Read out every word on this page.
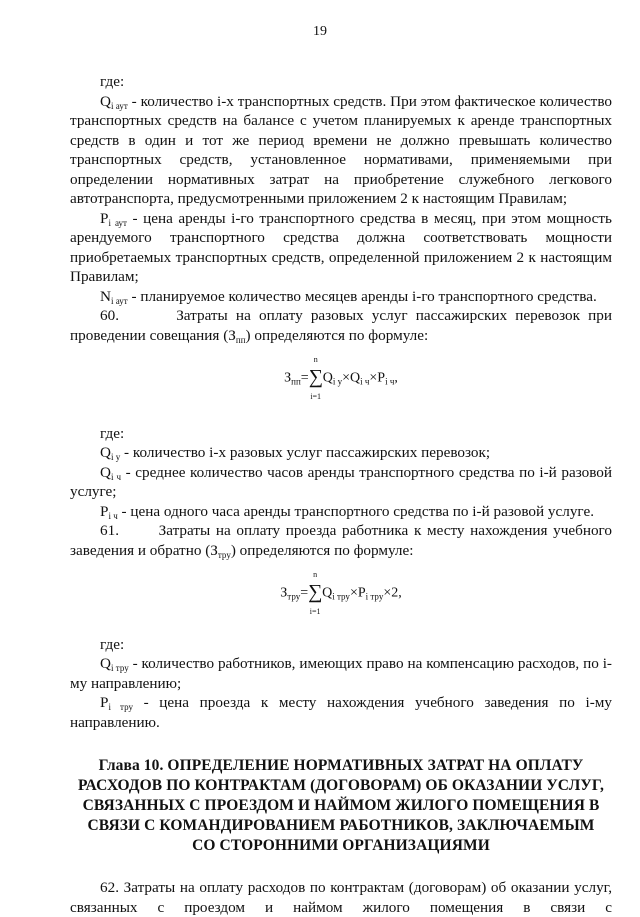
19

где:

$Q_{i аут}$ - количество i-х транспортных средств. При этом фактическое количество транспортных средств на балансе с учетом планируемых к аренде транспортных средств в один и тот же период времени не должно превышать количество транспортных средств, установленное нормативами, применяемыми при определении нормативных затрат на приобретение служебного легкового автотранспорта, предусмотренными приложением 2 к настоящим Правилам;

$P_{i аут}$ - цена аренды i-го транспортного средства в месяц, при этом мощность арендуемого транспортного средства должна соответствовать мощности приобретаемых транспортных средств, определенной приложением 2 к настоящим Правилам;

$N_{i аут}$ - планируемое количество месяцев аренды i-го транспортного средства.

60.	Затраты на оплату разовых услуг пассажирских перевозок при проведении совещания $(З_{пп})$ определяются по формуле:

$З_{пп}=$
n
∑
i=1
$Q_{i у}\times Q_{i ч}\times P_{i ч}$,

где:

$Q_{i у}$ - количество i-х разовых услуг пассажирских перевозок;

$Q_{i ч}$ - среднее количество часов аренды транспортного средства по i-й разовой услуге;

$P_{i ч}$ - цена одного часа аренды транспортного средства по i-й разовой услуге.

61.	Затраты на оплату проезда работника к месту нахождения учебного заведения и обратно $(З_{тру})$ определяются по формуле:

$З_{тру}=$
n
∑
i=1
$Q_{i тру}\times P_{i тру}\times 2$,

где:

$Q_{i тру}$ - количество работников, имеющих право на компенсацию расходов, по i-му направлению;

$P_{i тру}$ - цена проезда к месту нахождения учебного заведения по i-му направлению.

Глава 10. ОПРЕДЕЛЕНИЕ НОРМАТИВНЫХ ЗАТРАТ НА ОПЛАТУ
РАСХОДОВ ПО КОНТРАКТАМ (ДОГОВОРАМ) ОБ ОКАЗАНИИ УСЛУГ,
СВЯЗАННЫХ С ПРОЕЗДОМ И НАЙМОМ ЖИЛОГО ПОМЕЩЕНИЯ В
СВЯЗИ С КОМАНДИРОВАНИЕМ РАБОТНИКОВ, ЗАКЛЮЧАЕМЫМ
СО СТОРОННИМИ ОРГАНИЗАЦИЯМИ

62. Затраты на оплату расходов по контрактам (договорам) об оказании услуг, связанных с проездом и наймом жилого помещения в связи с
